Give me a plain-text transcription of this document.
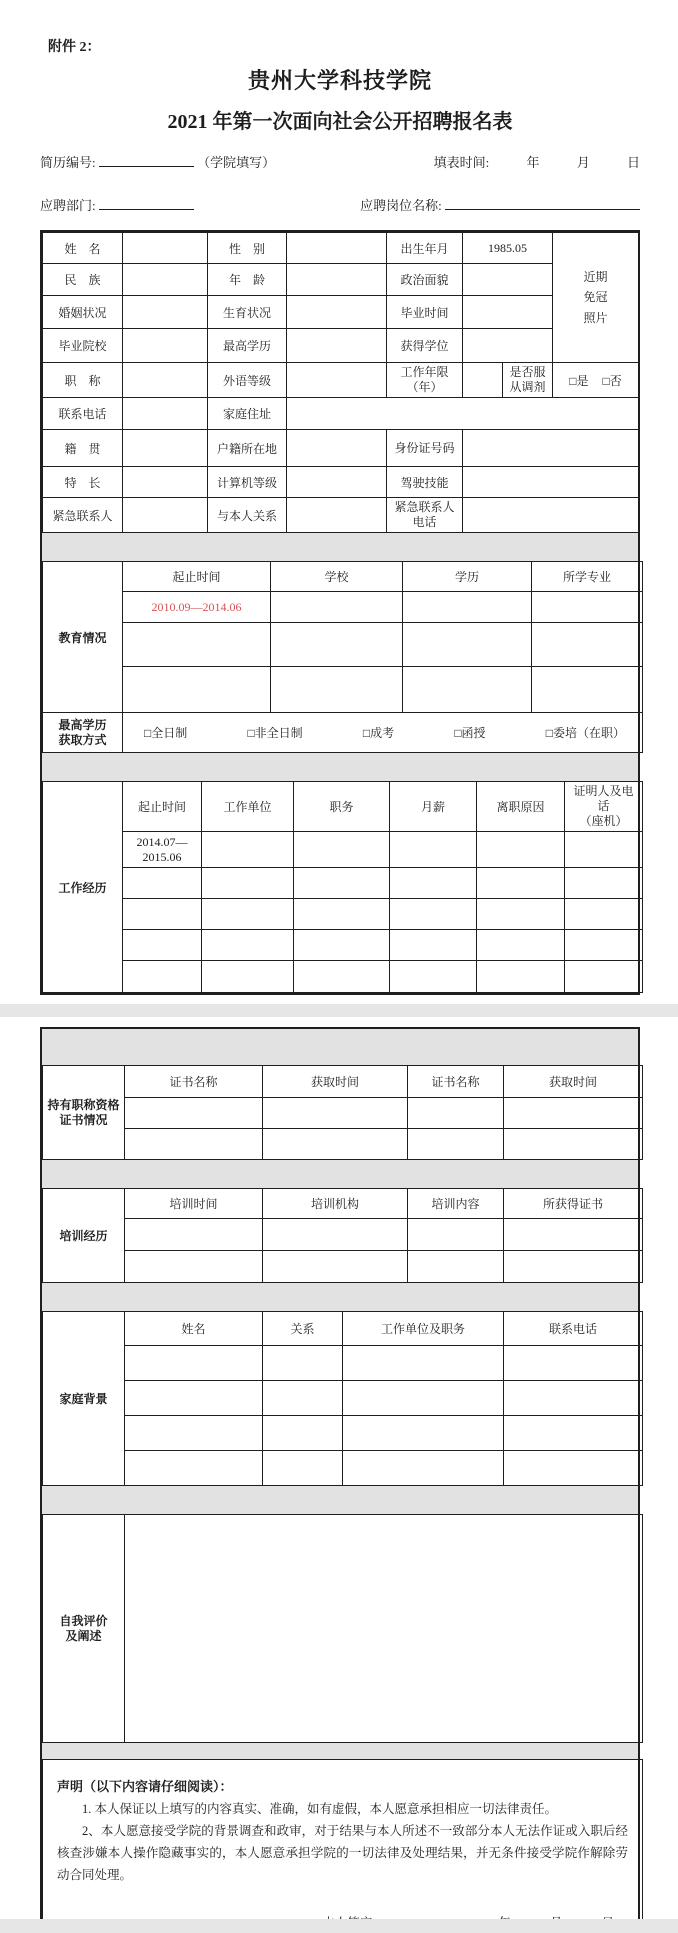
附件 2：
贵州大学科技学院
2021 年第一次面向社会公开招聘报名表
简历编号:	（学院填写）	填表时间:	年	月	日
应聘部门:	应聘岗位名称:
姓　名		性　别		出生年月	1985.05		近期
免冠
照片

民　族		年　龄		政治面貌			
婚姻状况		生育状况		毕业时间			
毕业院校		最高学历		获得学位			
职　称		外语等级		工作年限（年）		是否服从调剂	□是 □否
联系电话		家庭住址					
籍　贯		户籍所在地		身份证号码			
特　长		计算机等级		驾驶技能			
紧急联系人		与本人关系		紧急联系人电话			
教育情况	起止时间	学校	学历	所学专业
	2010.09—2014.06			

最高学历
获取方式	□全日制	□非全日制	□成考	□函授	□委培（在职）
工作经历	起止时间	工作单位	职务	月薪	离职原因	证明人及电话
（座机）

	2014.07—2015.06					

持有职称资格证书情况	证书名称	获取时间	证书名称	获取时间

培训经历	培训时间	培训机构	培训内容	所获得证书

家庭背景	姓名	关系	工作单位及职务	联系电话

自我评价
及阐述

声明（以下内容请仔细阅读）：

1. 本人保证以上填写的内容真实、准确，如有虚假，本人愿意承担相应一切法律责任。

2、本人愿意接受学院的背景调查和政审，对于结果与本人所述不一致部分本人无法作证或入职后经核查涉嫌本人操作隐藏事实的，本人愿意承担学院的一切法律及处理结果，并无条件接受学院作解除劳动合同处理。
